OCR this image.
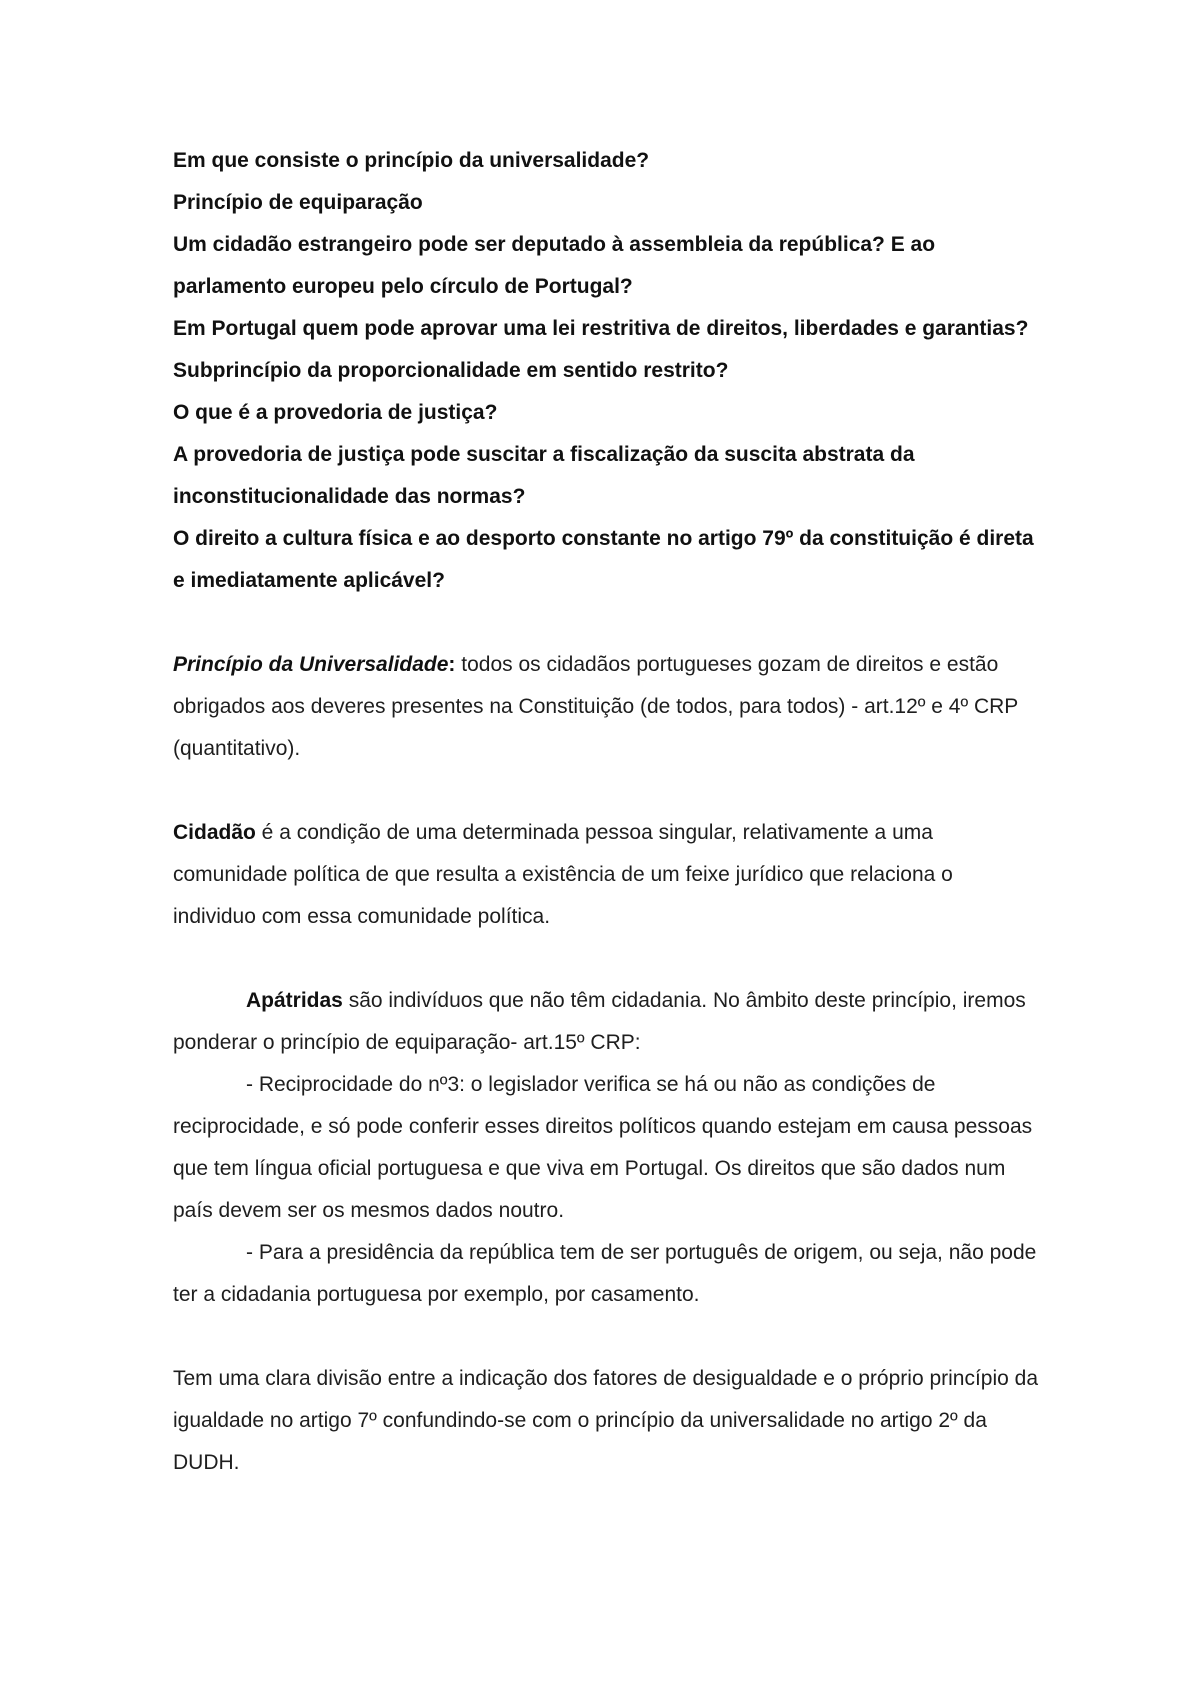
Em que consiste o princípio da universalidade?

Princípio de equiparação

Um cidadão estrangeiro pode ser deputado à assembleia da república? E ao parlamento europeu pelo círculo de Portugal?

Em Portugal quem pode aprovar uma lei restritiva de direitos, liberdades e garantias?

Subprincípio da proporcionalidade em sentido restrito?

O que é a provedoria de justiça?

A provedoria de justiça pode suscitar a fiscalização da suscita abstrata da inconstitucionalidade das normas?

O direito a cultura física e ao desporto constante no artigo 79º da constituição é direta e imediatamente aplicável?

Princípio da Universalidade: todos os cidadãos portugueses gozam de direitos e estão obrigados aos deveres presentes na Constituição (de todos, para todos) - art.12º e 4º CRP (quantitativo).

Cidadão é a condição de uma determinada pessoa singular, relativamente a uma comunidade política de que resulta a existência de um feixe jurídico que relaciona o individuo com essa comunidade política.

Apátridas são indivíduos que não têm cidadania. No âmbito deste princípio, iremos ponderar o princípio de equiparação- art.15º CRP:

- Reciprocidade do nº3: o legislador verifica se há ou não as condições de reciprocidade, e só pode conferir esses direitos políticos quando estejam em causa pessoas que tem língua oficial portuguesa e que viva em Portugal. Os direitos que são dados num país devem ser os mesmos dados noutro.

- Para a presidência da república tem de ser português de origem, ou seja, não pode ter a cidadania portuguesa por exemplo, por casamento.

Tem uma clara divisão entre a indicação dos fatores de desigualdade e o próprio princípio da igualdade no artigo 7º confundindo-se com o princípio da universalidade no artigo 2º da DUDH.
